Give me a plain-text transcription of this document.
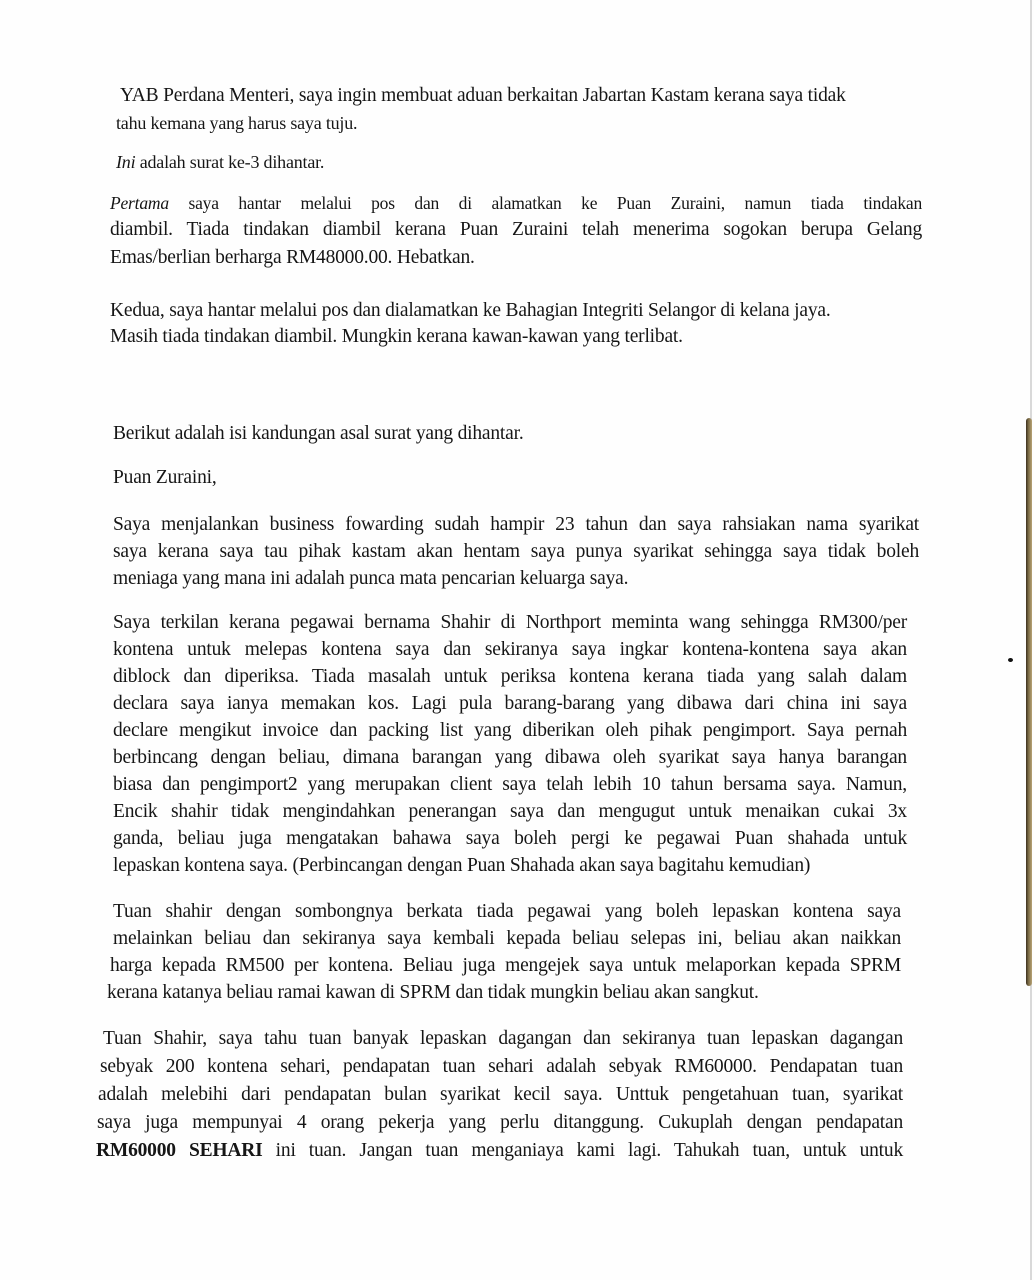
YAB Perdana Menteri, saya ingin membuat aduan berkaitan Jabartan Kastam kerana saya tidak
tahu kemana yang harus saya tuju.
Ini adalah surat ke-3 dihantar.
Pertama saya hantar melalui pos dan di alamatkan ke Puan Zuraini, namun tiada tindakan
diambil. Tiada tindakan diambil kerana Puan Zuraini telah menerima sogokan berupa Gelang
Emas/berlian berharga RM48000.00. Hebatkan.
Kedua, saya hantar melalui pos dan dialamatkan ke Bahagian Integriti Selangor di kelana jaya.
Masih tiada tindakan diambil. Mungkin kerana kawan-kawan yang terlibat.
Berikut adalah isi kandungan asal surat yang dihantar.
Puan Zuraini,
Saya menjalankan business fowarding sudah hampir 23 tahun dan saya rahsiakan nama syarikat
saya kerana saya tau pihak kastam akan hentam saya punya syarikat sehingga saya tidak boleh
meniaga yang mana ini adalah punca mata pencarian keluarga saya.
Saya terkilan kerana pegawai bernama Shahir di Northport meminta wang sehingga RM300/per
kontena untuk melepas kontena saya dan sekiranya saya ingkar kontena-kontena saya akan
diblock dan diperiksa. Tiada masalah untuk periksa kontena kerana tiada yang salah dalam
declara saya ianya memakan kos. Lagi pula barang-barang yang dibawa dari china ini saya
declare mengikut invoice dan packing list yang diberikan oleh pihak pengimport. Saya pernah
berbincang dengan beliau, dimana barangan yang dibawa oleh syarikat saya hanya barangan
biasa dan pengimport2 yang merupakan client saya telah lebih 10 tahun bersama saya. Namun,
Encik shahir tidak mengindahkan penerangan saya dan mengugut untuk menaikan cukai 3x
ganda, beliau juga mengatakan bahawa saya boleh pergi ke pegawai Puan shahada untuk
lepaskan kontena saya. (Perbincangan dengan Puan Shahada akan saya bagitahu kemudian)
Tuan shahir dengan sombongnya berkata tiada pegawai yang boleh lepaskan kontena saya
melainkan beliau dan sekiranya saya kembali kepada beliau selepas ini, beliau akan naikkan
harga kepada RM500 per kontena. Beliau juga mengejek saya untuk melaporkan kepada SPRM
kerana katanya beliau ramai kawan di SPRM dan tidak mungkin beliau akan sangkut.
Tuan Shahir, saya tahu tuan banyak lepaskan dagangan dan sekiranya tuan lepaskan dagangan
sebyak 200 kontena sehari, pendapatan tuan sehari adalah sebyak RM60000. Pendapatan tuan
adalah melebihi dari pendapatan bulan syarikat kecil saya. Unttuk pengetahuan tuan, syarikat
saya juga mempunyai 4 orang pekerja yang perlu ditanggung. Cukuplah dengan pendapatan
RM60000 SEHARI ini tuan. Jangan tuan menganiaya kami lagi. Tahukah tuan, untuk untuk
